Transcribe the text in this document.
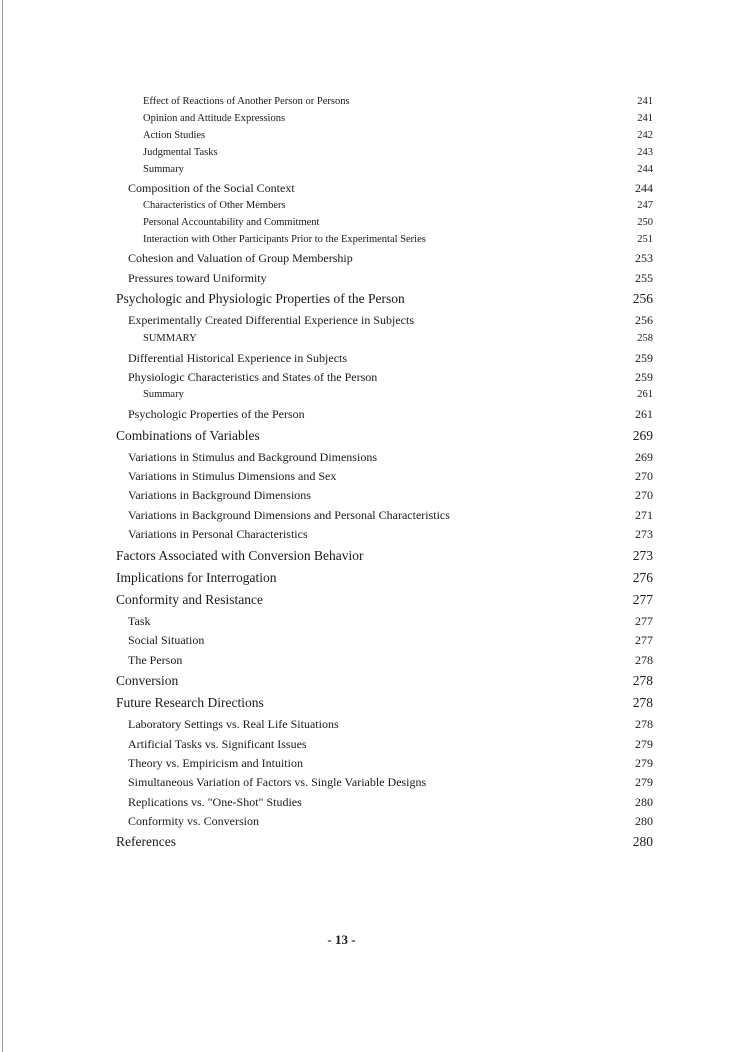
Effect of Reactions of Another Person or Persons	241
Opinion and Attitude Expressions	241
Action Studies	242
Judgmental Tasks	243
Summary	244
Composition of the Social Context	244
Characteristics of Other Members	247
Personal Accountability and Commitment	250
Interaction with Other Participants Prior to the Experimental Series	251
Cohesion and Valuation of Group Membership	253
Pressures toward Uniformity	255
Psychologic and Physiologic Properties of the Person	256
Experimentally Created Differential Experience in Subjects	256
SUMMARY	258
Differential Historical Experience in Subjects	259
Physiologic Characteristics and States of the Person	259
Summary	261
Psychologic Properties of the Person	261
Combinations of Variables	269
Variations in Stimulus and Background Dimensions	269
Variations in Stimulus Dimensions and Sex	270
Variations in Background Dimensions	270
Variations in Background Dimensions and Personal Characteristics	271
Variations in Personal Characteristics	273
Factors Associated with Conversion Behavior	273
Implications for Interrogation	276
Conformity and Resistance	277
Task	277
Social Situation	277
The Person	278
Conversion	278
Future Research Directions	278
Laboratory Settings vs. Real Life Situations	278
Artificial Tasks vs. Significant Issues	279
Theory vs. Empiricism and Intuition	279
Simultaneous Variation of Factors vs. Single Variable Designs	279
Replications vs. "One-Shot" Studies	280
Conformity vs. Conversion	280
References	280
- 13 -
